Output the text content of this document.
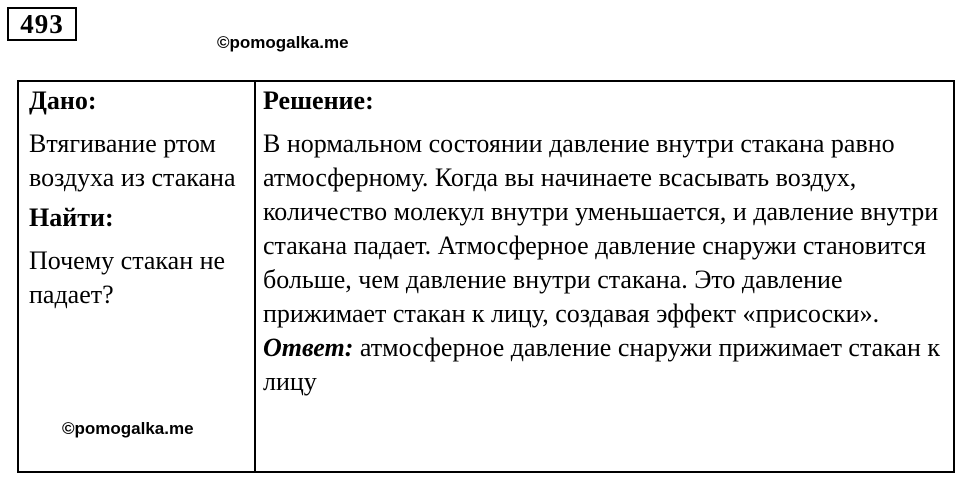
493
©pomogalka.me

Дано:

Втягивание ртом воздуха из стакана

Найти:

Почему стакан не падает?

Решение:

В нормальном состоянии давление внутри стакана равно атмосферному. Когда вы начинаете всасывать воздух, количество молекул внутри уменьшается, и давление внутри стакана падает. Атмосферное давление снаружи становится больше, чем давление внутри стакана. Это давление прижимает стакан к лицу, создавая эффект «присоски».

Ответ: атмосферное давление снаружи прижимает стакан к лицу

©pomogalka.me
